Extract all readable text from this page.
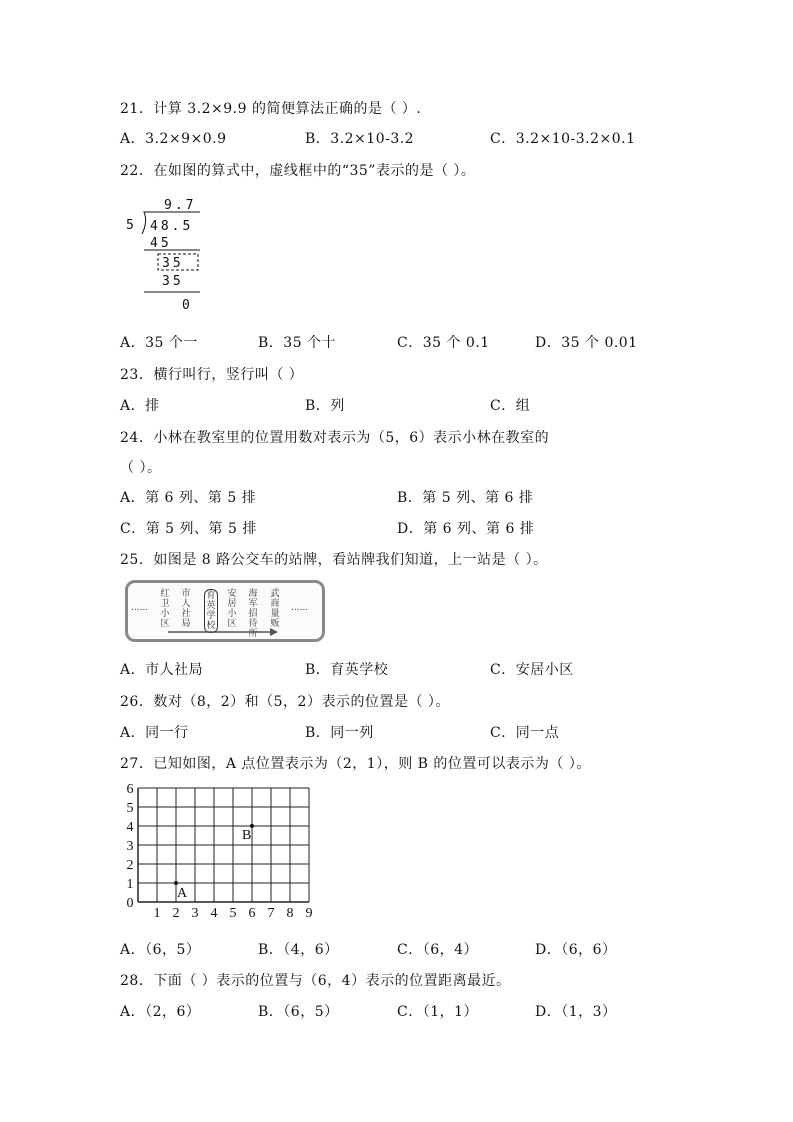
21．计算 3.2×9.9 的简便算法正确的是（ ）.
A．3.2×9×0.9	B．3.2×10-3.2	C．3.2×10-3.2×0.1
22．在如图的算式中，虚线框中的“35”表示的是（ ）。
9.7
5 48.5
45
35
35
0
A．35 个一	B．35 个十	C．35 个 0.1	D．35 个 0.01
23．横行叫行，竖行叫（ ）
A．排	B．列	C．组
24．小林在教室里的位置用数对表示为（5，6）表示小林在教室的
（ ）。
A．第 6 列、第 5 排	B．第 5 列、第 6 排
C．第 5 列、第 5 排	D．第 6 列、第 6 排
25．如图是 8 路公交车的站牌，看站牌我们知道，上一站是（ ）。
......
红卫小区
市人社局
育英学校
安居小区
海军招待所
武商量贩
......
A．市人社局	B．育英学校	C．安居小区
26．数对（8，2）和（5，2）表示的位置是（ ）。
A．同一行	B．同一列	C．同一点
27．已知如图，A 点位置表示为（2，1），则 B 的位置可以表示为（ ）。
1 2 3 4 5 6 7 8 9
0
1
2
3
4
5
6
A
B
A．（6，5）	B．（4，6）	C．（6，4）	D．（6，6）
28．下面（ ）表示的位置与（6，4）表示的位置距离最近。
A．（2，6）	B．（6，5）	C．（1，1）	D．（1，3）
